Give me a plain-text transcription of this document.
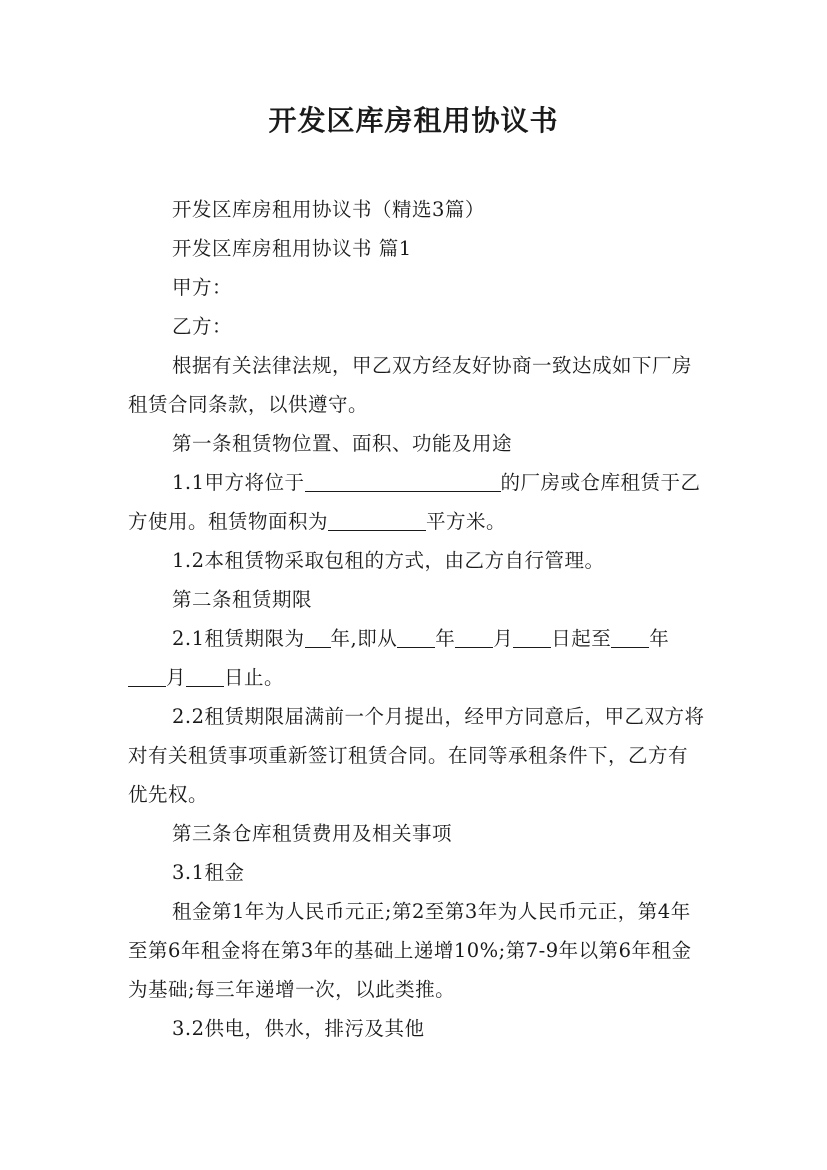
开发区库房租用协议书

开发区库房租用协议书（精选3篇）

开发区库房租用协议书 篇1

甲方：

乙方：

根据有关法律法规，甲乙双方经友好协商一致达成如下厂房租赁合同条款，以供遵守。

第一条租赁物位置、面积、功能及用途

1.1甲方将位于	的厂房或仓库租赁于乙方使用。租赁物面积为	平方米。

1.2本租赁物采取包租的方式，由乙方自行管理。

第二条租赁期限

2.1租赁期限为 年,即从 年 月 日起至 年月 日止。

2.2租赁期限届满前一个月提出，经甲方同意后，甲乙双方将对有关租赁事项重新签订租赁合同。在同等承租条件下，乙方有优先权。

第三条仓库租赁费用及相关事项

3.1租金

租金第1年为人民币元正;第2至第3年为人民币元正，第4年至第6年租金将在第3年的基础上递增10%;第7-9年以第6年租金为基础;每三年递增一次，以此类推。

3.2供电，供水，排污及其他
